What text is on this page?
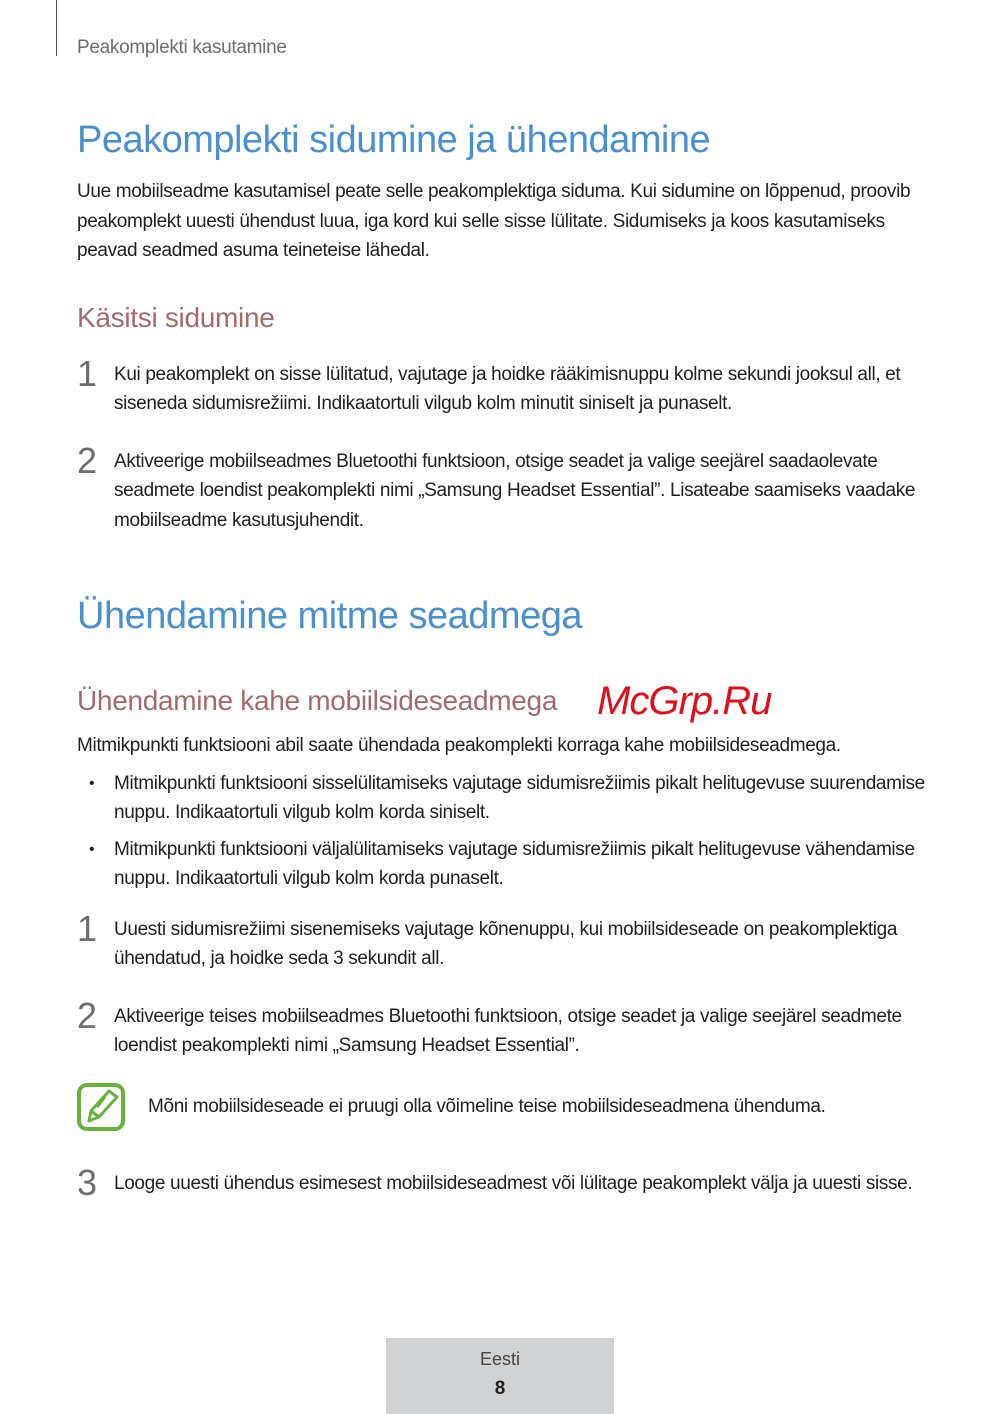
Peakomplekti kasutamine
Peakomplekti sidumine ja ühendamine
Uue mobiilseadme kasutamisel peate selle peakomplektiga siduma. Kui sidumine on lõppenud, proovib peakomplekt uuesti ühendust luua, iga kord kui selle sisse lülitate. Sidumiseks ja koos kasutamiseks peavad seadmed asuma teineteise lähedal.
Käsitsi sidumine
1 Kui peakomplekt on sisse lülitatud, vajutage ja hoidke rääkimisnuppu kolme sekundi jooksul all, et siseneda sidumisrežiimi. Indikaatortuli vilgub kolm minutit siniselt ja punaselt.
2 Aktiveerige mobiilseadmes Bluetoothi funktsioon, otsige seadet ja valige seejärel saadaolevate seadmete loendist peakomplekti nimi „Samsung Headset Essential”. Lisateabe saamiseks vaadake mobiilseadme kasutusjuhendit.
Ühendamine mitme seadmega
Ühendamine kahe mobiilsideseadmega McGrp.Ru
Mitmikpunkti funktsiooni abil saate ühendada peakomplekti korraga kahe mobiilsideseadmega.
•	Mitmikpunkti funktsiooni sisselülitamiseks vajutage sidumisrežiimis pikalt helitugevuse suurendamise nuppu. Indikaatortuli vilgub kolm korda siniselt.
•	Mitmikpunkti funktsiooni väljalülitamiseks vajutage sidumisrežiimis pikalt helitugevuse vähendamise nuppu. Indikaatortuli vilgub kolm korda punaselt.
1 Uuesti sidumisrežiimi sisenemiseks vajutage kõnenuppu, kui mobiilsideseade on peakomplektiga ühendatud, ja hoidke seda 3 sekundit all.
2 Aktiveerige teises mobiilseadmes Bluetoothi funktsioon, otsige seadet ja valige seejärel seadmete loendist peakomplekti nimi „Samsung Headset Essential”.
Mõni mobiilsideseade ei pruugi olla võimeline teise mobiilsideseadmena ühenduma.
3 Looge uuesti ühendus esimesest mobiilsideseadmest või lülitage peakomplekt välja ja uuesti sisse.
Eesti
8
